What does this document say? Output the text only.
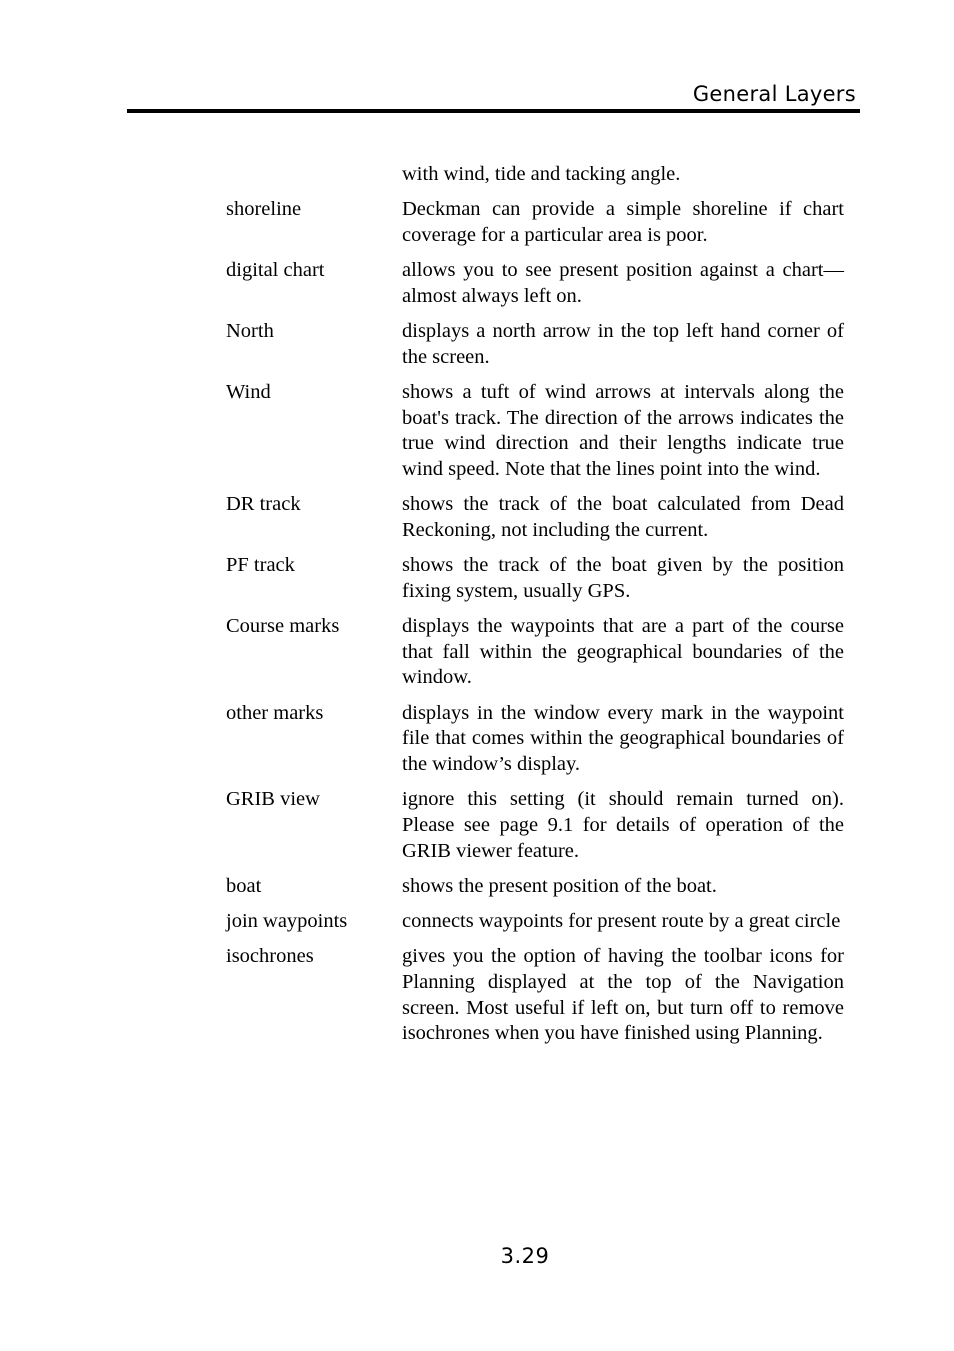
General Layers
with wind, tide and tacking angle.
shoreline	Deckman can provide a simple shoreline if chart coverage for a particular area is poor.
digital chart	allows you to see present position against a chart—almost always left on.
North	displays a north arrow in the top left hand corner of the screen.
Wind	shows a tuft of wind arrows at intervals along the boat's track. The direction of the arrows indicates the true wind direction and their lengths indicate true wind speed. Note that the lines point into the wind.
DR track	shows the track of the boat calculated from Dead Reckoning, not including the current.
PF track	shows the track of the boat given by the position fixing system, usually GPS.
Course marks	displays the waypoints that are a part of the course that fall within the geographical boundaries of the window.
other marks	displays in the window every mark in the waypoint file that comes within the geographical boundaries of the window’s display.
GRIB view	ignore this setting (it should remain turned on). Please see page 9.1 for details of operation of the GRIB viewer feature.
boat	shows the present position of the boat.
join waypoints	connects waypoints for present route by a great circle
isochrones	gives you the option of having the toolbar icons for Planning displayed at the top of the Navigation screen. Most useful if left on, but turn off to remove isochrones when you have finished using Planning.
3.29
